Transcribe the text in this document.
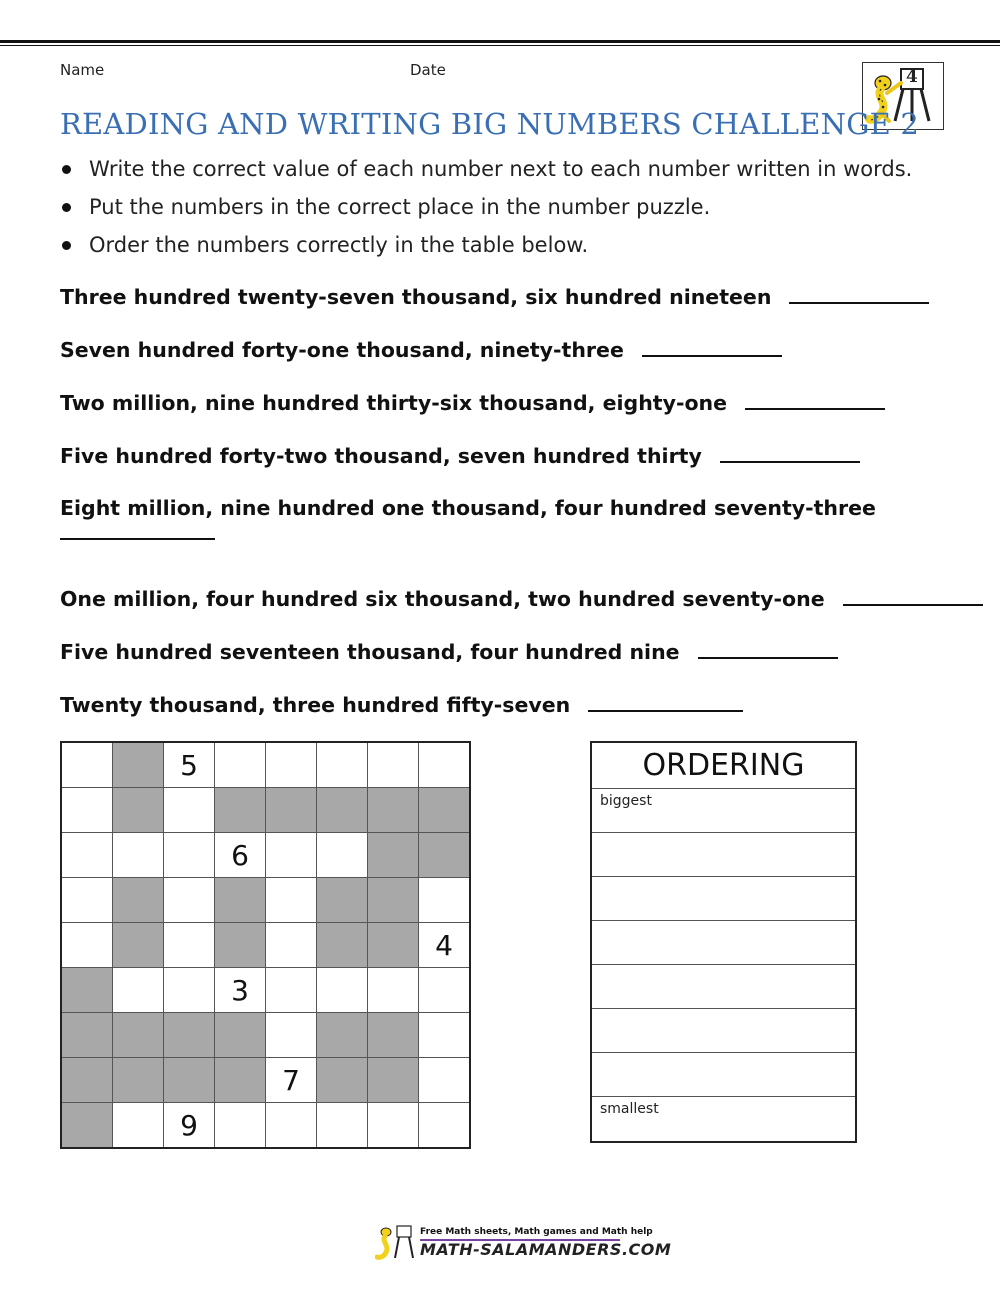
Name	Date	4
READING AND WRITING BIG NUMBERS CHALLENGE 2
Write the correct value of each number next to each number written in words.
Put the numbers in the correct place in the number puzzle.
Order the numbers correctly in the table below.
Three hundred twenty-seven thousand, six hundred nineteen
Seven hundred forty-one thousand, ninety-three
Two million, nine hundred thirty-six thousand, eighty-one
Five hundred forty-two thousand, seven hundred thirty
Eight million, nine hundred one thousand, four hundred seventy-three
One million, four hundred six thousand, two hundred seventy-one
Five hundred seventeen thousand, four hundred nine
Twenty thousand, three hundred fifty-seven
		5					

			6				

							4
			3				

				7			
		9					
ORDERING
biggest
smallest
Free Math sheets, Math games and Math help
MATH-SALAMANDERS.COM
